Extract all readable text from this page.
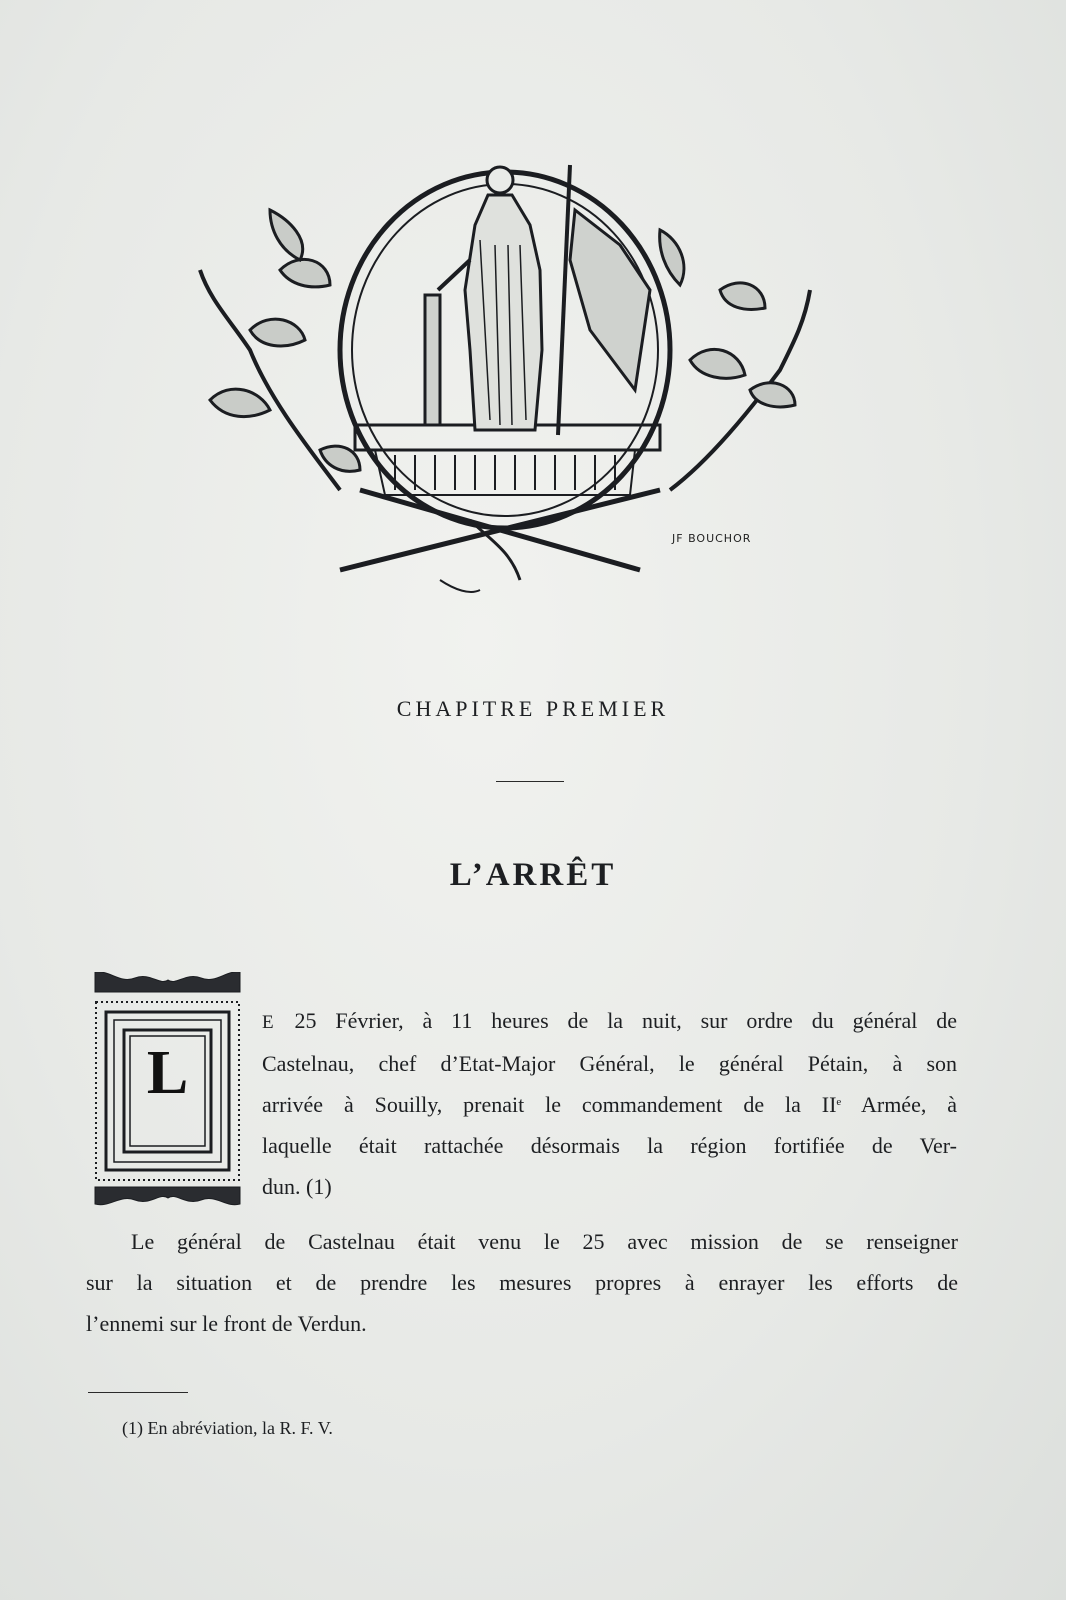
JF BOUCHOR
CHAPITRE PREMIER
L’ARRÊT
L
E 25 Février, à 11 heures de la nuit, sur ordre du général de
Castelnau, chef d’Etat-Major Général, le général Pétain, à son
arrivée à Souilly, prenait le commandement de la IIe Armée, à
laquelle était rattachée désormais la région fortifiée de Ver-
dun. (1)
Le général de Castelnau était venu le 25 avec mission de se renseigner
sur la situation et de prendre les mesures propres à enrayer les efforts de
l’ennemi sur le front de Verdun.
(1) En abréviation, la R. F. V.
